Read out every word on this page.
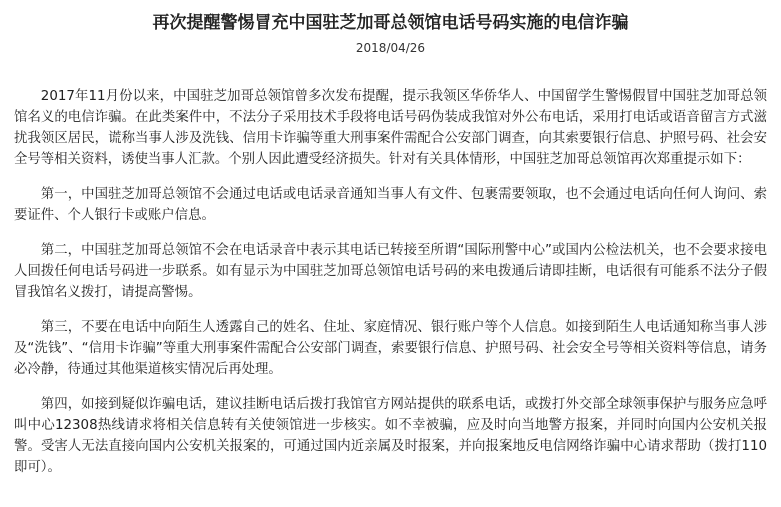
再次提醒警惕冒充中国驻芝加哥总领馆电话号码实施的电信诈骗
2018/04/26

2017年11月份以来，中国驻芝加哥总领馆曾多次发布提醒，提示我领区华侨华人、中国留学生警惕假冒中国驻芝加哥总领馆名义的电信诈骗。在此类案件中，不法分子采用技术手段将电话号码伪装成我馆对外公布电话，采用打电话或语音留言方式滋扰我领区居民，谎称当事人涉及洗钱、信用卡诈骗等重大刑事案件需配合公安部门调查，向其索要银行信息、护照号码、社会安全号等相关资料，诱使当事人汇款。个别人因此遭受经济损失。针对有关具体情形，中国驻芝加哥总领馆再次郑重提示如下：

第一，中国驻芝加哥总领馆不会通过电话或电话录音通知当事人有文件、包裹需要领取，也不会通过电话向任何人询问、索要证件、个人银行卡或账户信息。

第二，中国驻芝加哥总领馆不会在电话录音中表示其电话已转接至所谓“国际刑警中心”或国内公检法机关，也不会要求接电人回拨任何电话号码进一步联系。如有显示为中国驻芝加哥总领馆电话号码的来电拨通后请即挂断，电话很有可能系不法分子假冒我馆名义拨打，请提高警惕。

第三，不要在电话中向陌生人透露自己的姓名、住址、家庭情况、银行账户等个人信息。如接到陌生人电话通知称当事人涉及“洗钱”、“信用卡诈骗”等重大刑事案件需配合公安部门调查，索要银行信息、护照号码、社会安全号等相关资料等信息，请务必冷静，待通过其他渠道核实情况后再处理。

第四，如接到疑似诈骗电话，建议挂断电话后拨打我馆官方网站提供的联系电话，或拨打外交部全球领事保护与服务应急呼叫中心12308热线请求将相关信息转有关使领馆进一步核实。如不幸被骗，应及时向当地警方报案，并同时向国内公安机关报警。受害人无法直接向国内公安机关报案的，可通过国内近亲属及时报案，并向报案地反电信网络诈骗中心请求帮助（拨打110即可）。
